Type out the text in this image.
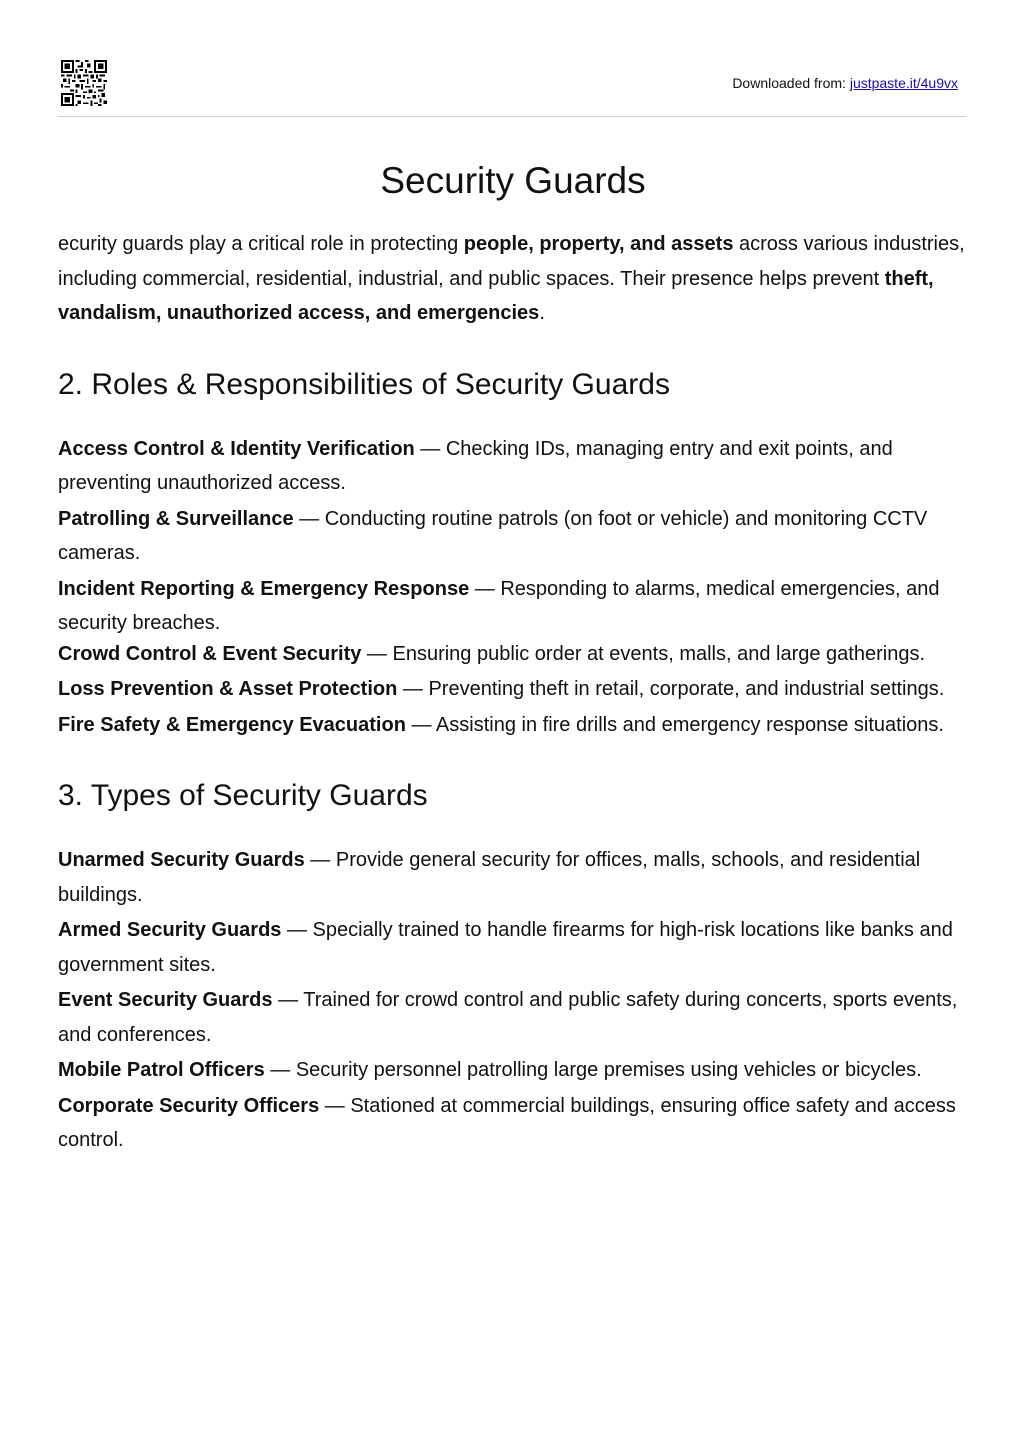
Downloaded from: justpaste.it/4u9vx
Security Guards

ecurity guards play a critical role in protecting people, property, and assets across various industries, including commercial, residential, industrial, and public spaces. Their presence helps prevent theft, vandalism, unauthorized access, and emergencies.

2. Roles & Responsibilities of Security Guards

Access Control & Identity Verification — Checking IDs, managing entry and exit points, and preventing unauthorized access.

Patrolling & Surveillance — Conducting routine patrols (on foot or vehicle) and monitoring CCTV cameras.

Incident Reporting & Emergency Response — Responding to alarms, medical emergencies, and security breaches.

Crowd Control & Event Security — Ensuring public order at events, malls, and large gatherings.

Loss Prevention & Asset Protection — Preventing theft in retail, corporate, and industrial settings.

Fire Safety & Emergency Evacuation — Assisting in fire drills and emergency response situations.

3. Types of Security Guards

Unarmed Security Guards — Provide general security for offices, malls, schools, and residential buildings.

Armed Security Guards — Specially trained to handle firearms for high-risk locations like banks and government sites.

Event Security Guards — Trained for crowd control and public safety during concerts, sports events, and conferences.

Mobile Patrol Officers — Security personnel patrolling large premises using vehicles or bicycles.

Corporate Security Officers — Stationed at commercial buildings, ensuring office safety and access control.
